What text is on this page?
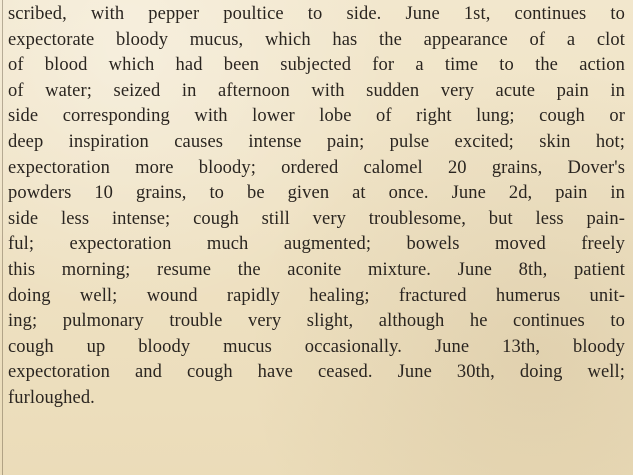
scribed, with pepper poultice to side. June 1st, continues to
expectorate bloody mucus, which has the appearance of a clot
of blood which had been subjected for a time to the action
of water; seized in afternoon with sudden very acute pain in
side corresponding with lower lobe of right lung; cough or
deep inspiration causes intense pain; pulse excited; skin hot;
expectoration more bloody; ordered calomel 20 grains, Dover's
powders 10 grains, to be given at once. June 2d, pain in
side less intense; cough still very troublesome, but less pain-
ful; expectoration much augmented; bowels moved freely
this morning; resume the aconite mixture. June 8th, patient
doing well; wound rapidly healing; fractured humerus unit-
ing; pulmonary trouble very slight, although he continues to
cough up bloody mucus occasionally. June 13th, bloody
expectoration and cough have ceased. June 30th, doing well;
furloughed.
